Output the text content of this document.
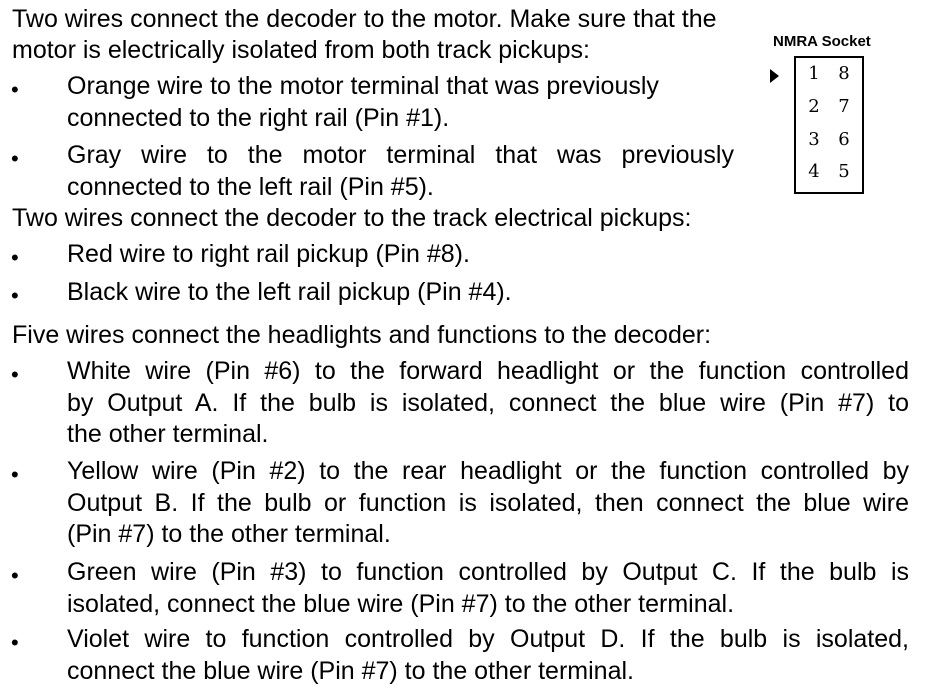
Two wires connect the decoder to the motor. Make sure that the
motor is electrically isolated from both track pickups:
• Orange wire to the motor terminal that was previously
connected to the right rail (Pin #1).
• Gray wire to the motor terminal that was previously
connected to the left rail (Pin #5).
Two wires connect the decoder to the track electrical pickups:
• Red wire to right rail pickup (Pin #8).
• Black wire to the left rail pickup (Pin #4).
Five wires connect the headlights and functions to the decoder:
• White wire (Pin #6) to the forward headlight or the function controlled
by Output A. If the bulb is isolated, connect the blue wire (Pin #7) to
the other terminal.
• Yellow wire (Pin #2) to the rear headlight or the function controlled by
Output B. If the bulb or function is isolated, then connect the blue wire
(Pin #7) to the other terminal.
• Green wire (Pin #3) to function controlled by Output C. If the bulb is
isolated, connect the blue wire (Pin #7) to the other terminal.
• Violet wire to function controlled by Output D. If the bulb is isolated,
connect the blue wire (Pin #7) to the other terminal.
NMRA Socket
1
2
3
4
8
7
6
5
